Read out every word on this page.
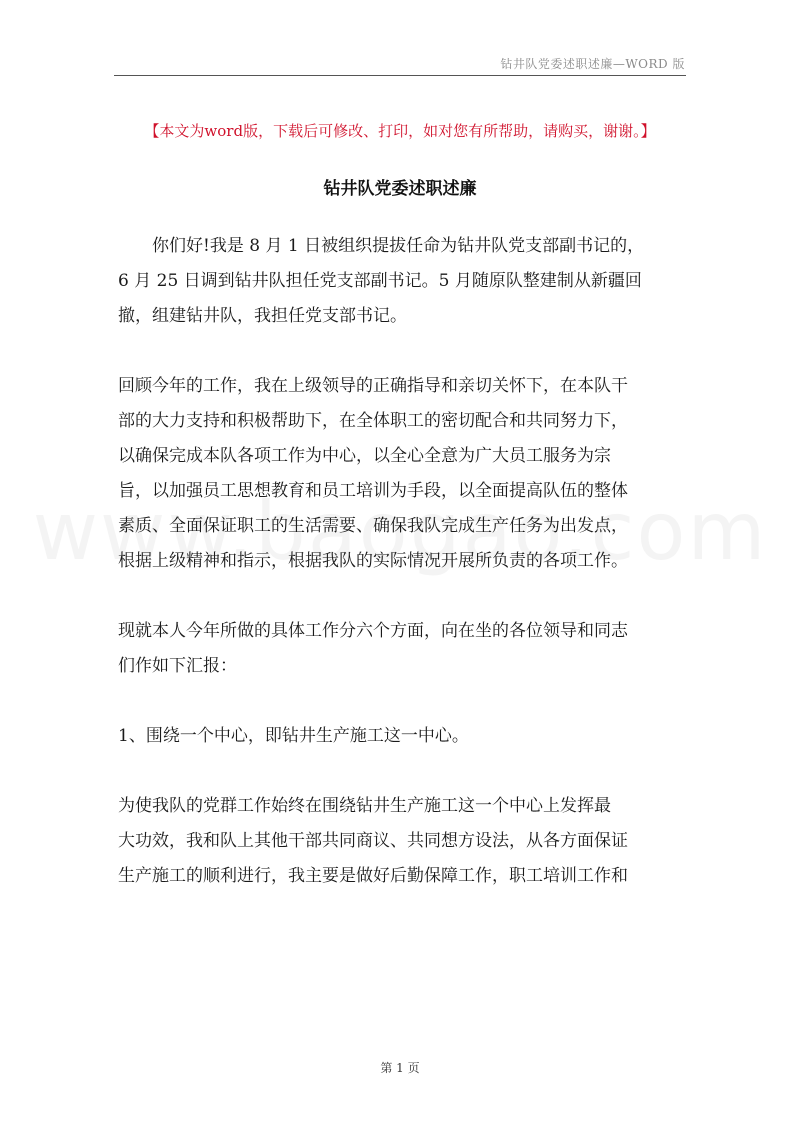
钻井队党委述职述廉—WORD 版
【本文为word版，下载后可修改、打印，如对您有所帮助，请购买，谢谢。】
钻井队党委述职述廉

　　你们好!我是 8 月 1 日被组织提拔任命为钻井队党支部副书记的，
6 月 25 日调到钻井队担任党支部副书记。5 月随原队整建制从新疆回
撤，组建钻井队，我担任党支部书记。

回顾今年的工作，我在上级领导的正确指导和亲切关怀下，在本队干
部的大力支持和积极帮助下，在全体职工的密切配合和共同努力下，
以确保完成本队各项工作为中心，以全心全意为广大员工服务为宗
旨，以加强员工思想教育和员工培训为手段，以全面提高队伍的整体
素质、全面保证职工的生活需要、确保我队完成生产任务为出发点，
根据上级精神和指示，根据我队的实际情况开展所负责的各项工作。

现就本人今年所做的具体工作分六个方面，向在坐的各位领导和同志
们作如下汇报：

1、围绕一个中心，即钻井生产施工这一中心。

为使我队的党群工作始终在围绕钻井生产施工这一个中心上发挥最
大功效，我和队上其他干部共同商议、共同想方设法，从各方面保证
生产施工的顺利进行，我主要是做好后勤保障工作，职工培训工作和

第 1 页
